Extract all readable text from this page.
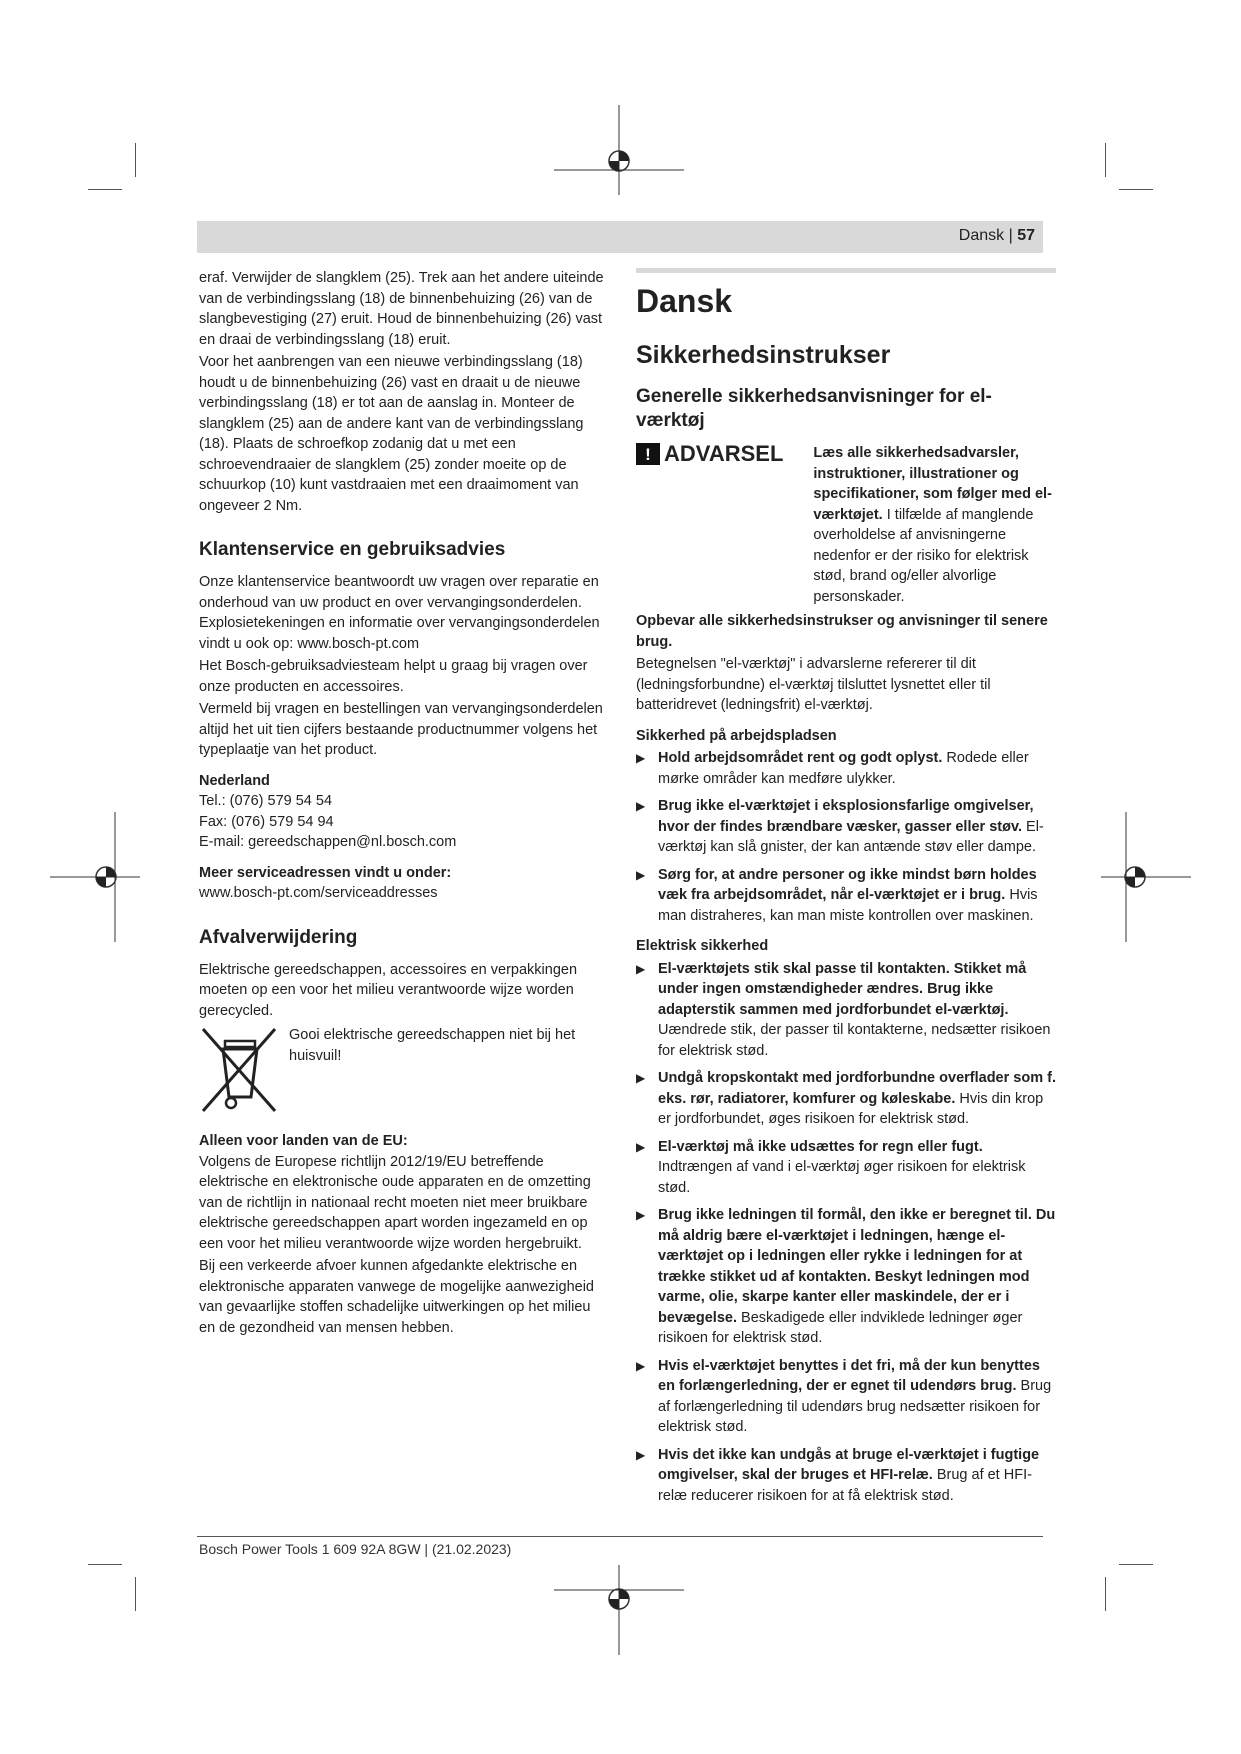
Dansk | 57

eraf. Verwijder de slangklem (25). Trek aan het andere uiteinde van de verbindingsslang (18) de binnenbehuizing (26) van de slangbevestiging (27) eruit. Houd de binnenbehuizing (26) vast en draai de verbindingsslang (18) eruit.

Voor het aanbrengen van een nieuwe verbindingsslang (18) houdt u de binnenbehuizing (26) vast en draait u de nieuwe verbindingsslang (18) er tot aan de aanslag in. Monteer de slangklem (25) aan de andere kant van de verbindingsslang (18). Plaats de schroefkop zodanig dat u met een schroevendraaier de slangklem (25) zonder moeite op de schuurkop (10) kunt vastdraaien met een draaimoment van ongeveer 2 Nm.

Klantenservice en gebruiksadvies

Onze klantenservice beantwoordt uw vragen over reparatie en onderhoud van uw product en over vervangingsonderdelen. Explosietekeningen en informatie over vervangingsonderdelen vindt u ook op: www.bosch-pt.com

Het Bosch-gebruiksadviesteam helpt u graag bij vragen over onze producten en accessoires.

Vermeld bij vragen en bestellingen van vervangingsonderdelen altijd het uit tien cijfers bestaande productnummer volgens het typeplaatje van het product.

Nederland
Tel.: (076) 579 54 54
Fax: (076) 579 54 94
E-mail: gereedschappen@nl.bosch.com
Meer serviceadressen vindt u onder:
www.bosch-pt.com/serviceaddresses
Afvalverwijdering

Elektrische gereedschappen, accessoires en verpakkingen moeten op een voor het milieu verantwoorde wijze worden gerecycled.

Gooi elektrische gereedschappen niet bij het huisvuil!
Alleen voor landen van de EU:

Volgens de Europese richtlijn 2012/19/EU betreffende elektrische en elektronische oude apparaten en de omzetting van de richtlijn in nationaal recht moeten niet meer bruikbare elektrische gereedschappen apart worden ingezameld en op een voor het milieu verantwoorde wijze worden hergebruikt.

Bij een verkeerde afvoer kunnen afgedankte elektrische en elektronische apparaten vanwege de mogelijke aanwezigheid van gevaarlijke stoffen schadelijke uitwerkingen op het milieu en de gezondheid van mensen hebben.

Dansk
Sikkerhedsinstrukser
Generelle sikkerhedsanvisninger for el-værktøj
! ADVARSEL Læs alle sikkerhedsadvarsler, instruktioner, illustrationer og specifikationer, som følger med el-værktøjet. I tilfælde af manglende overholdelse af anvisningerne nedenfor er der risiko for elektrisk stød, brand og/eller alvorlige personskader.

Opbevar alle sikkerhedsinstrukser og anvisninger til senere brug.

Betegnelsen "el-værktøj" i advarslerne refererer til dit (ledningsforbundne) el-værktøj tilsluttet lysnettet eller til batteridrevet (ledningsfrit) el-værktøj.

Sikkerhed på arbejdspladsen
▶ Hold arbejdsområdet rent og godt oplyst. Rodede eller mørke områder kan medføre ulykker.
▶ Brug ikke el-værktøjet i eksplosionsfarlige omgivelser, hvor der findes brændbare væsker, gasser eller støv. El-værktøj kan slå gnister, der kan antænde støv eller dampe.
▶ Sørg for, at andre personer og ikke mindst børn holdes væk fra arbejdsområdet, når el-værktøjet er i brug. Hvis man distraheres, kan man miste kontrollen over maskinen.
Elektrisk sikkerhed
▶ El-værktøjets stik skal passe til kontakten. Stikket må under ingen omstændigheder ændres. Brug ikke adapterstik sammen med jordforbundet el-værktøj. Uændrede stik, der passer til kontakterne, nedsætter risikoen for elektrisk stød.
▶ Undgå kropskontakt med jordforbundne overflader som f. eks. rør, radiatorer, komfurer og køleskabe. Hvis din krop er jordforbundet, øges risikoen for elektrisk stød.
▶ El-værktøj må ikke udsættes for regn eller fugt. Indtrængen af vand i el-værktøj øger risikoen for elektrisk stød.
▶ Brug ikke ledningen til formål, den ikke er beregnet til. Du må aldrig bære el-værktøjet i ledningen, hænge el-værktøjet op i ledningen eller rykke i ledningen for at trække stikket ud af kontakten. Beskyt ledningen mod varme, olie, skarpe kanter eller maskindele, der er i bevægelse. Beskadigede eller indviklede ledninger øger risikoen for elektrisk stød.
▶ Hvis el-værktøjet benyttes i det fri, må der kun benyttes en forlængerledning, der er egnet til udendørs brug. Brug af forlængerledning til udendørs brug nedsætter risikoen for elektrisk stød.
▶ Hvis det ikke kan undgås at bruge el-værktøjet i fugtige omgivelser, skal der bruges et HFI-relæ. Brug af et HFI-relæ reducerer risikoen for at få elektrisk stød.
Bosch Power Tools 1 609 92A 8GW | (21.02.2023)
